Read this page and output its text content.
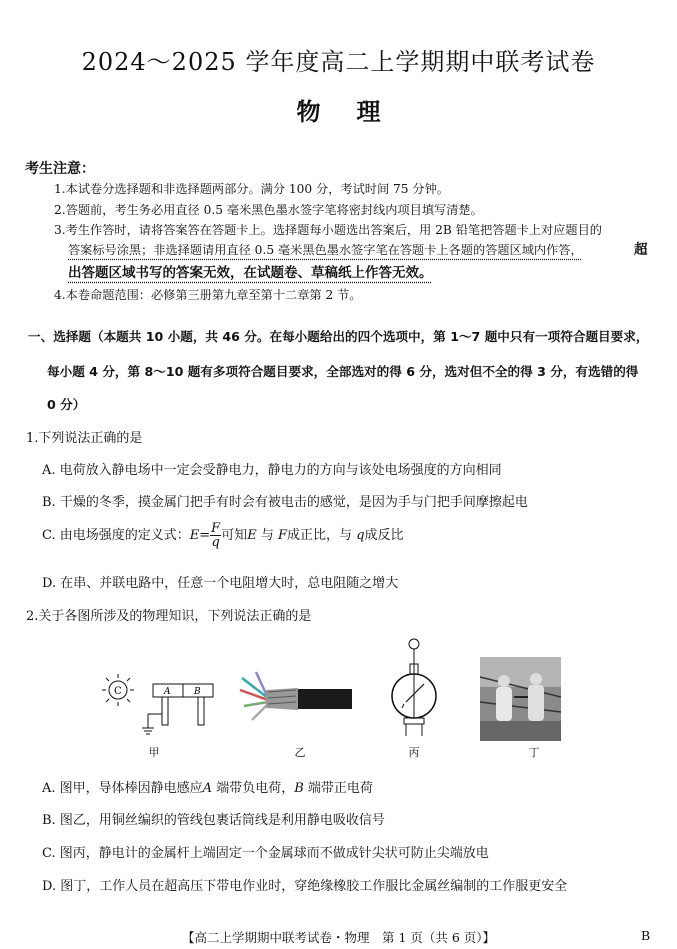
2024～2025 学年度高二上学期期中联考试卷
物理
考生注意：
1.本试卷分选择题和非选择题两部分。满分 100 分，考试时间 75 分钟。
2.答题前，考生务必用直径 0.5 毫米黑色墨水签字笔将密封线内项目填写清楚。
3.考生作答时，请将答案答在答题卡上。选择题每小题选出答案后，用 2B 铅笔把答题卡上对应题目的
答案标号涂黑；非选择题请用直径 0.5 毫米黑色墨水签字笔在答题卡上各题的答题区域内作答，	超
出答题区域书写的答案无效，在试题卷、草稿纸上作答无效。
4.本卷命题范围：必修第三册第九章至第十二章第 2 节。
一、选择题（本题共 10 小题，共 46 分。在每小题给出的四个选项中，第 1～7 题中只有一项符合题目要求，
每小题 4 分，第 8～10 题有多项符合题目要求，全部选对的得 6 分，选对但不全的得 3 分，有选错的得
0 分）
1.下列说法正确的是
A. 电荷放入静电场中一定会受静电力，静电力的方向与该处电场强度的方向相同
B. 干燥的冬季，摸金属门把手有时会有被电击的感觉，是因为手与门把手间摩擦起电
C. 由电场强度的定义式：$E= \frac{F}{q}$ 可知E 与 F成正比，与 q成反比
D. 在串、并联电路中，任意一个电阻增大时，总电阻随之增大
2.关于各图所涉及的物理知识，下列说法正确的是
C	A	B
甲	乙	丙	丁
A. 图甲，导体棒因静电感应A 端带负电荷，B 端带正电荷
B. 图乙，用铜丝编织的管线包裹话筒线是利用静电吸收信号
C. 图丙，静电计的金属杆上端固定一个金属球而不做成针尖状可防止尖端放电
D. 图丁，工作人员在超高压下带电作业时，穿绝缘橡胶工作服比金属丝编制的工作服更安全
【高二上学期期中联考试卷・物理　第 1 页（共 6 页）】	B
